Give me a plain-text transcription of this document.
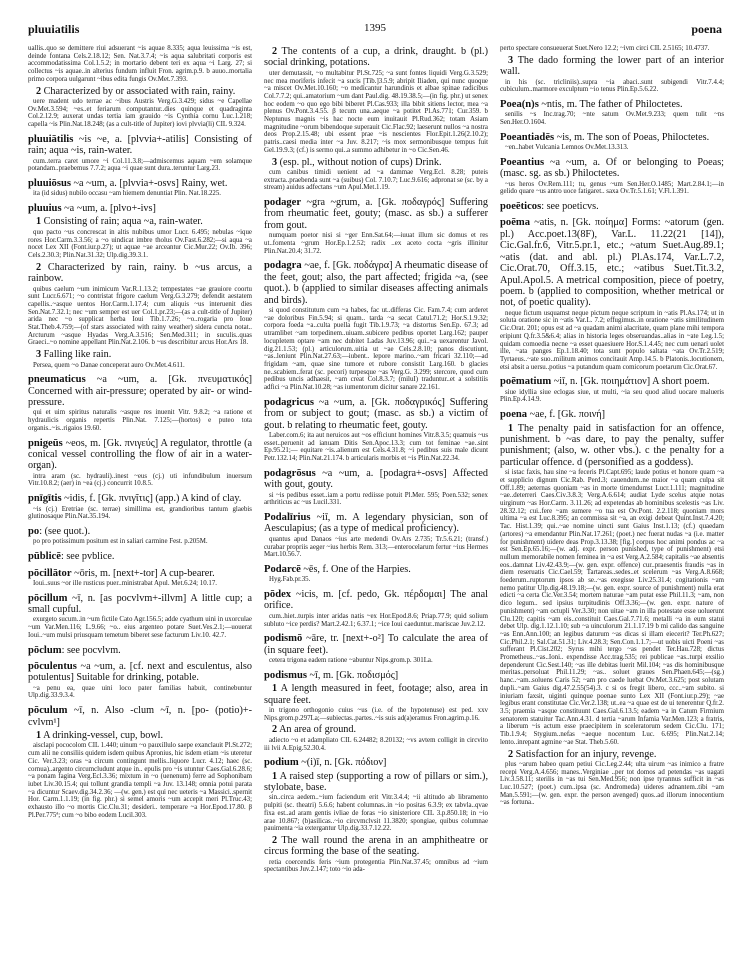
pluuiatilis	1395	poena
uallis..quo se demittere riui adsuerant ~is aquae 8.335; aqua leuissima ~is est, deinde fontana Cels.2.18.12; Sen. Nat.3.7.4; ~is aqua salubritati corporis est accommodatissima Col.1.5.2; in mortario debent teri ex aqua ~i Larg. 27; si collectus ~is aquae..in alterius fundum influit Fron. agrim.p.9. b auuo..mortalia primo corpora uulgarunt ~ibus edita fungis Ov.Met.7.393.
2 Characterized by or associated with rain, rainy.
uere madent udo terrae ac ~ibus Austris Verg.G.3.429; sidus ~e Capellae Ov.Met.3.594; ~es..et feriarum computantur..dies quinque et quadraginta Col.2.12.9; auxerat undas tertia iam grauido ~is Cynthia cornu Luc.1.218; capella ~is Plin.Nat.18.248; (as a cult-title of Jupiter) iovi plvvia(li) CIL 9.324.
pluuiātilis ~is ~e, a. [plvvia+-atilis] Consisting of rain; aqua ~is, rain-water.
cum..terra caret umore ~i Col.11.3.8;—admiscemus aquam ~em solamque potandam..praebemus 7.7.2; aqua ~i quae sunt dura..teruntur Larg.23.
pluuiōsus ~a ~um, a. [plvvia+-osvs] Rainy, wet.
ita (id sidus) nubilo occasu ~am hiemem denuntiat Plin. Nat.18.225.
pluuius ~a ~um, a. [plvo+-ivs]
1 Consisting of rain; aqua ~a, rain-water.
quo pacto ~us concrescat in altis nubibus umor Lucr. 6.495; nebulas ~ique rores Hor.Carm.3.3.56; a ~o uindicat imbre tholus Ov.Fast.6.282;—si aqua ~a nocet Lex XII (Font.iur.p.27); ut aquae ~ae arceantur Cic.Mur.22; Ov.Ib. 396; Cels.2.30.3; Plin.Nat.31.32; Ulp.dig.39.3.1.
2 Characterized by rain, rainy. b ~us arcus, a rainbow.
quibus caelum ~um inimicum Var.R.1.13.2; tempestates ~ae grauiore coortu sunt Lucr.6.671; ~o contristat frigore caelum Verg.G.3.279; defendit aestatem capellis..~asque uentos Hor.Carm.1.17.4; cum aliquis ~us interuenit dies Sen.Nat.7.32.1; nec ~um semper est uer Col.1.pr.23;—(as a cult-title of Jupiter) arida nec ~o supplicat herba Ioui Tib.1.7.26; ~o..rogaria pro Ioue Stat.Theb.4.759;—(of stars associated with rainy weather) sidera cuncta notat.. Arcturum ~asque Hyadas Verg.A.3.516; Sen.Med.311; in suculis..quas Graeci..~o nomine appellant Plin.Nat.2.106. b ~us describitur arcus Hor.Ars 18.
3 Falling like rain.
Persea, quem ~o Danae conceperat auro Ov.Met.4.611.
pneumaticus ~a ~um, a. [Gk. πνευματικός] Concerned with air-pressure; operated by air- or wind-pressure.
qui et uim spiritus naturalis ~asque res inuenit Vitr. 9.8.2; ~a ratione et hydraulicis organis repertis Plin.Nat. 7.125;—(hortos) e puteo tota organis..~is..rigaios 19.60.
pnigeūs ~eos, m. [Gk. πνιγεύς] A regulator, throttle (a conical vessel controlling the flow of air in a water-organ).
intra aram (sc. hydrauli)..inest ~eus (cj.) uti infundibulum inuersum Vitr.10.8.2; (aer) in ~ea (cj.) concurrit 10.8.5.
pnīgītis ~idis, f. [Gk. πνιγῖτις] (app.) A kind of clay.
~is (cj.) Eretriae (sc. terrae) simillima est, grandioribus tantum glaebis glutinosaque Plin.Nat.35.194.
po: (see quot.).
po pro potissimum positum est in saliari carmine Fest. p.205M.
pūblicē: see pvblice.
pōcillātor ~ōris, m. [next+-tor] A cup-bearer.
Ioui..suus ~or ille rusticus puer..ministrabat Apul. Met.6.24; 10.17.
pōcillum ~ī, n. [as pocvlvm+-illvm] A little cup; a small cupful.
exurgeto sucum..in ~um fictile Cato Agr.156.5; adde cyathum uini in uxorculae ~um Var.Men.116; L.9.66; ~o.. eius argenteo potare Suet.Ves.2.1;—uouerat Ioui..~um mulsi priusquam temetum biberet sese facturum Liv.10. 42.7.
pōclum: see pocvlvm.
pōculentus ~a ~um, a. [cf. next and esculentus, also potulentus] Suitable for drinking, potable.
~a penu ea, quae uini loco pater familias habuit, continebuntur Ulp.dig.33.9.3.4.
pōculum ~ī, n. Also -clum ~ī, n. [po- (potio)+-cvlvm¹]
1 A drinking-vessel, cup, bowl.
aisclapi pococolom CIL 1.440; uinum ~o pauxillulo saepe exanclauit Pl.St.272; cum alii ne consiliis quidem isdem quibus Apronius, hic isdem etiam ~is uteretur Cic. Ver.3.23; oras ~a circum contingunt mellis..liquore Lucr. 4.12; haec (sc. cornua)..argento circumcludunt atque in.. epulis pro ~is utuntur Caes.Gal.6.28.6; ~a ponam fagina Verg.Ecl.3.36; mixtum in ~o (uenenum) ferre ad Sophonibam iubet Liv.30.15.4; qui tollunt grandia templi ~a Juv. 13.148; omnia potui parata ~a dicuntur Scaev.dig.34.2.36; —(w. gen.) est qui nec ueteris ~a Massici..spernit Hor. Carm.1.1.19; (in fig. phr.) si semel amoris ~um accepit meri Pl.Truc.43; exhausto illo ~o mortis Cic.Clu.31; desideri.. temperare ~a Hor.Epod.17.80. β Pl.Per.775ª; cum ~o bibo eodem Lucil.303.
2 The contents of a cup, a drink, draught. b (pl.) social drinking, potations.
uter demutassit, ~o multabitur Pl.St.725; ~a sunt fontes liquidi Verg.G.3.529; nec mea moriferis infecit ~a sucis [Tib.]3.5.9; abripit Iliaden, qui nunc quoque ~a miscet Ov.Met.10.160; ~o medicantur harundinis et albae spinae radicibus Col.7.7.2; qui..amatorium ~um dant Paul.dig. 48.19.38.5;—(in fig. phr.) ut senex hoc eodem ~o quo ego bibi biberet Pl.Cas.933; illa bibit sitiens lector, mea ~a plenus Ov.Pont.3.4.55. β tecum una..aeque ~a potitet Pl.As.771; Cur.359. b Neptunus magnis ~is hac nocte eum inuitauit Pl.Rud.362; totam Asiam magnitudine ~orum bibendoque superauit Cic.Flac.92; laeserunt nullos ~a nostra deos Prop.2.15.48; ubi essent prae ~is nescientes Flor.Epit.1.26(2.10.2); patris..caesi media inter ~a Juv. 8.217; ~is mox sermonibusque tempus fuit Gel.19.9.3; (cf.) is sermo qui..a summo adhibetur in ~o Cic.Sen.46.
3 (esp. pl., without notion of cups) Drink.
cum canibus timidi uenient ad ~a dammae Verg.Ecl. 8.28; puteis extracta..praebenda sunt ~a (suibus) Col. 7.10.7; Luc.9.616; adpronat se (sc. by a stream) auidus adfectans ~um Apul.Met.1.19.
podager ~gra ~grum, a. [Gk. ποδαγρός] Suffering from rheumatic feet, gouty; (masc. as sb.) a sufferer from gout.
numquam poetor nisi si ~ger Enn.Sat.64;—iuuat illum sic domus et res ut..fomenta ~grum Hor.Ep.1.2.52; radix ..ex aceto cocta ~gris illinitur Plin.Nat.20.4; 31.72.
podagra ~ae, f. [Gk. ποδάγρα] A rheumatic disease of the feet, gout; also, the part affected; frigida ~a, (see quot.). b (applied to similar diseases affecting animals and birds).
si quod constitutum cum ~a habes, fac ut..differas Cic. Fam.7.4; cum arderet ~ae doloribus Fin.5.94; si quam.. tarda ~a secat Catul.71.2; Hor.S.1.9.32; corpora foeda ~a..culta puella fugit Tib.1.9.73; ~a distortus Sen.Ep. 67.3; ad utramlibet ~am torpedinem..uiuam..subicere pedibus oportet Larg.162; pauper locupletem optare ~am nec dubitet Ladas Juv.13.96; qui..~a uexarentur Javol. dig.21.1.53; (pl.) articulorum..uitia ut ~ae Cels.2.8.10; panos discutiunt, ~as..leniunt Plin.Nat.27.63;—iubent.. lepore marino..~am fricari 32.110;—ad frigidam ~am, quae sine tumore et rubore consistit Larg.160. b glacies ne..scabiem..ferat (sc. pecori) turpesque ~as Verg.G. 3.299; stercore, quod cum pedibus uncis adhaesit, ~am creat Col.8.3.7; (miluI) traduntur..et a solstitiis adfici ~a Plin.Nat.10.28; ~as iumentorum dicitur sanare 22.161.
podagricus ~a ~um, a. [Gk. ποδαγρικός] Suffering from or subject to gout; (masc. as sb.) a victim of gout. b relating to rheumatic feet, gouty.
Laber.com.6; ita aut neruicos aut ~os efficiunt homines Vitr.8.3.5; quamuis ~us esset..peruenit ad ianuam Ditis Sen.Apoc.13.3; cum tot feminae ~ae..sint Ep.95.21;— equitare ~is..alienum est Cels.4.31.8; ~i pedibus suis male dicunt Petr.132.14; Plin.Nat.21.174. b articularis morbis et ~is Plin.Nat.22.34.
podagrōsus ~a ~um, a. [podagra+-osvs] Affected with gout, gouty.
si ~is pedibus esset..iam a portu rediisse potuit Pl.Mer. 595; Poen.532; senex arthriticus ac ~us Lucil.331.
Podalīrius ~iī, m. A legendary physician, son of Aesculapius; (as a type of medical proficiency).
quantus apud Danaos ~ius arte medendi Ov.Ars 2.735; Tr.5.6.21; (transf.) curabar propriis aeger ~ius herbis Rem. 313;—enterocelarum fertur ~ius Hermes Mart.10.56.7.
Podarcē ~ēs, f. One of the Harpies.
Hyg.Fab.pr.35.
pōdex ~icis, m. [cf. pedo, Gk. πέρδομαι] The anal orifice.
cum..hiet..turpis inter aridas natis ~ex Hor.Epod.8.6; Priap.77.9; quid solium subluto ~ice perdis? Mart.2.42.1; 6.37.1; ~ice Ioui caeduntur..mariscae Juv.2.12.
podismō ~āre, tr. [next+-o²] To calculate the area of (in square feet).
cetera trigona eadem ratione ~abuntur Nips.grom.p. 301La.
podismus ~ī, m. [Gk. ποδισμός]
1 A length measured in feet, footage; also, area in square feet.
in trigono orthogonio cuius ~us (i.e. of the hypotenuse) est ped. xxv Nips.grom.p.297La;—subiectas..partes..~is suis ad(a)eramus Fron.agrim.p.16.
2 An area of ground.
adiecto ~o et adampliato CIL 6.24482; 8.20132; ~vs avtem colligit in circvito iii lvii A.Epig.52.30.4.
podium ~(i)ī, n. [Gk. πόδιον]
1 A raised step (supporting a row of pillars or sim.), stylobate, base.
sin..circa aedem..~ium faciendum erit Vitr.3.4.4; ~ii altitudo ab libramento pulpiti (sc. theatri) 5.6.6; habent columnas..in ~io positas 6.3.9; ex tabvla..qvae fixa est..ad aram gentis ivliae de foras ~io sinisteriore CIL 3.p.850.18; in ~io arae 10.867; (b)asilicas..~io circvmclvsit 11.3820; spongiae, quibus columnae pauimenta ~ia extergantur Ulp.dig.33.7.12.22.
2 The wall round the arena in an amphitheatre or circus forming the base of the seating.
retia coercendis feris ~ium protegentia Plin.Nat.37.45; omnibus ad ~ium spectantibus Juv.2.147; toto ~io ada-
perto spectare consueuerat Suet.Nero 12.2; ~ivm circi CIL 2.5165; 10.4737.
3 The dado forming the lower part of an interior wall.
in his (sc. tricliniis)..supra ~ia abaci..sunt subigendi Vitr.7.4.4; cubiculum..marmore exculptum ~io tenus Plin.Ep.5.6.22.
Poea(n)s ~ntis, m. The father of Philoctetes.
senilis ~s Inc.trag.70; ~nte satum Ov.Met.9.233; quem tulit ~ns Sen.Her.O.1604.
Poeantiadēs ~is, m. The son of Poeas, Philoctetes.
~en..habet Vulcania Lemnos Ov.Met.13.313.
Poeantius ~a ~um, a. Of or belonging to Poeas; (masc. sg. as sb.) Philoctetes.
~us heros Ov.Rem.111; tu, genus ~um Sen.Her.O.1485; Mart.2.84.1;—in gelido quare ~us antro uoce fatigaret.. saxa Ov.Tr.5.1.61; V.Fl.1.391.
poeēticos: see poeticvs.
poēma ~atis, n. [Gk. ποίημα] Forms: ~atorum (gen. pl.) Acc.poet.13(8F), Var.L. 11.22(21 [14]), Cic.Gal.fr.6, Vitr.5.pr.1, etc.; ~atum Suet.Aug.89.1; ~atis (dat. and abl. pl.) Pl.As.174, Var.L.7.2, Cic.Orat.70, Off.3.15, etc.; ~atibus Suet.Tit.3.2, Apul.Apol.5. A metrical composition, piece of poetry, poem. b (applied to composition, whether metrical or not, of poetic quality).
neque fictum usquamst neque pictum neque scriptum in ~atis Pl.As.174; ut in soluta oratione sic in ~atis Var.L. 7.2; effugimus..in oratione ~atis similitudinem Cic.Orat. 201; opus est ad ~a quadam animi alacritate, quam plane mihi tempora eripiunt Q.fr.3.5&6.4; alias in historia leges obseruandas..alias in ~ate Leg.1.5; quidam comoedia necne ~a esset quaesiuere Hor.S.1.4.45; nec cum uenari uolet ille, ~ata panges Ep.1.18.40; tota sunt populo saltata ~ata Ov.Tr.2.519; Tyrtaeus..~ate suo..militum animos concitauit Amp.14.5. b Platonis..locutionem, etsi absit a uersu..potius ~a putandum quam comicorum poetarum Cic.Orat.67.
poēmatium ~iī, n. [Gk. ποιημάτιον] A short poem.
siue idyllia siue eclogas siue, ut multi, ~ia seu quod aliud uocare malueris Plin.Ep.4.14.9.
poena ~ae, f. [Gk. ποινή]
1 The penalty paid in satisfaction for an offence, punishment. b ~as dare, to pay the penalty, suffer punishment; (also, w. other vbs.). c the penalty for a particular offence. d (personified as a goddess).
si istac faxis, hau sine ~a feceris Pl.Capt.695; laude potius et honore quam ~a et supplicio dignum Cic.Rab. Perd.3; cauendum..ne maior ~a quam culpa sit Off.1.89; aeternas quoniam ~as in morte timendumst Lucr.1.111; magnitudine ~ae..deterreri Caes.Civ.3.8.3; Verg.A.6.614; audiat Lyde scelus atque notas uirginum ~as Hor.Carm. 3.11.26; ad expetendas ab hominibus scelestis ~as Liv. 28.32.12; cui..fere ~am sumere ~o tua est Ov.Pont. 2.2.118; quoniam mors ultima ~a est Luc.8.395; an commissa sit ~a, an exigi debeat Quint.Inst.7.4.20; Tac. Hist.1.39; qui..~ae nomine uincti sunt Gaius Inst.1.13; (cf.) quaedam (artores) ~a emendantur Plin.Nat.17.261; (poet.) nec fuerat nudas ~a (i.e. matter for punishment) uidere deas Prop.3.13.38; [fig.] corpus hoc animi pondus ac ~a est Sen.Ep.65.16;—(w. adj. expr. person punished, type of punishment) etsi nullum memorabile nomen feminea in ~a est Verg.A.2.584; capitalis ~ae absentis eos..damnat Liv.42.43.9;—(w. gen. expr. offence) cur..praesentis fraudis ~as in diem reseruatis Cic.Cael.59; Tartareas..sedes..et scelerum ~as Verg.A.8.668; foederum..ruptorum ipsos ab se..~as exegisse Liv.25.31.4; cogitationis ~am nemo patitur Ulp.dig.48.19.18;—(w. gen. expr. source of punishment) nulla erat edicti ~a certa Cic.Ver.3.54; mortem naturae ~am putat esse Phil.11.3; ~am, non dico legum.. sed ipsius turpitudinis Off.3.36;—(w. gen. expr. nature of punishment) ~am octupli Ver.3.30; non uitae ~am in illa potestate esse uoluerunt Clu.120; capitis ~am eis..constituit Caes.Gal.7.71.6; metalli ~a in eum statui debet Ulp. dig.1.12.1.10; sub ~a uinculorum 21.1.17.19 b mi calido das sanguine ~as Enn.Ann.100; an legibus daturum ~as dicas si illam eiecerit? Ter.Ph.627; Cic.Phil.2.1; Sal.Cat.51.31; Liv.4.28.3; Sen.Con.1.1.7;—ut uobis uicti Poeni ~as sufferant Pl.Cist.202; Syrus mihi tergo ~as pendet Ter.Hau.728; dictus Prometheus..~as..Ioni.. expendisse Acc.trag.535; rei publicae ~as..turpi exsilio dependerunt Cic.Sest.140; ~as ille debitas luerit Mil.104; ~as dis hominibusque meritas..persoluat Phil.11.29; ~as.. soluet graues Sen.Phaen.645;—(sg.) hanc..~am..soluens Caris 52; ~am pro caede luebat Ov.Met.3.625; post solutam dupli..~am Gaius dig.47.2.55(54).3. c si os fregit libero, ccc..~am subito. si iniuriam faxsit, uiginti quinque poenae sunto Lex XII (Font.iur.p.29); ~ae legibus erant constitutae Cic.Ver.2.138; ut..ea ~a quae est de ui tenerentur Q.fr.2. 3.5; praemia ~asque constituunt Caes.Gal.6.13.5; eadem ~a in Catum Firmium senatorem statuitur Tac.Ann.4.31. d tertia ~arum Infamia Var.Men.123; a fratris, a liberum ~is actum esse praecipitem in sceleratorum sedem Cic.Clu. 171; Tib.1.9.4; Stygium..nefas ~aeque nocentum Luc. 6.695; Plin.Nat.2.14; lento..inrepant agmine ~ae Stat. Theb.5.60.
2 Satisfaction for an injury, revenge.
plus ~arum habeo quam petiui Cic.Leg.2.44; ulta uirum ~as inimico a fratre recepi Verg.A.4.656; manes..Verginiae ..per tot domos ad petendas ~as uagati Liv.3.58.11; sterilis in ~as tui Sen.Med.956; non ipse tyrannus sufficit in ~as Luc.10.527; (poet.) cum..ipsa (sc. Andromeda) uideres adnantem..tibi ~am Man.5.591;—(w. gen. expr. the person avenged) quos..ad illorum innocentium ~as fortuna..
